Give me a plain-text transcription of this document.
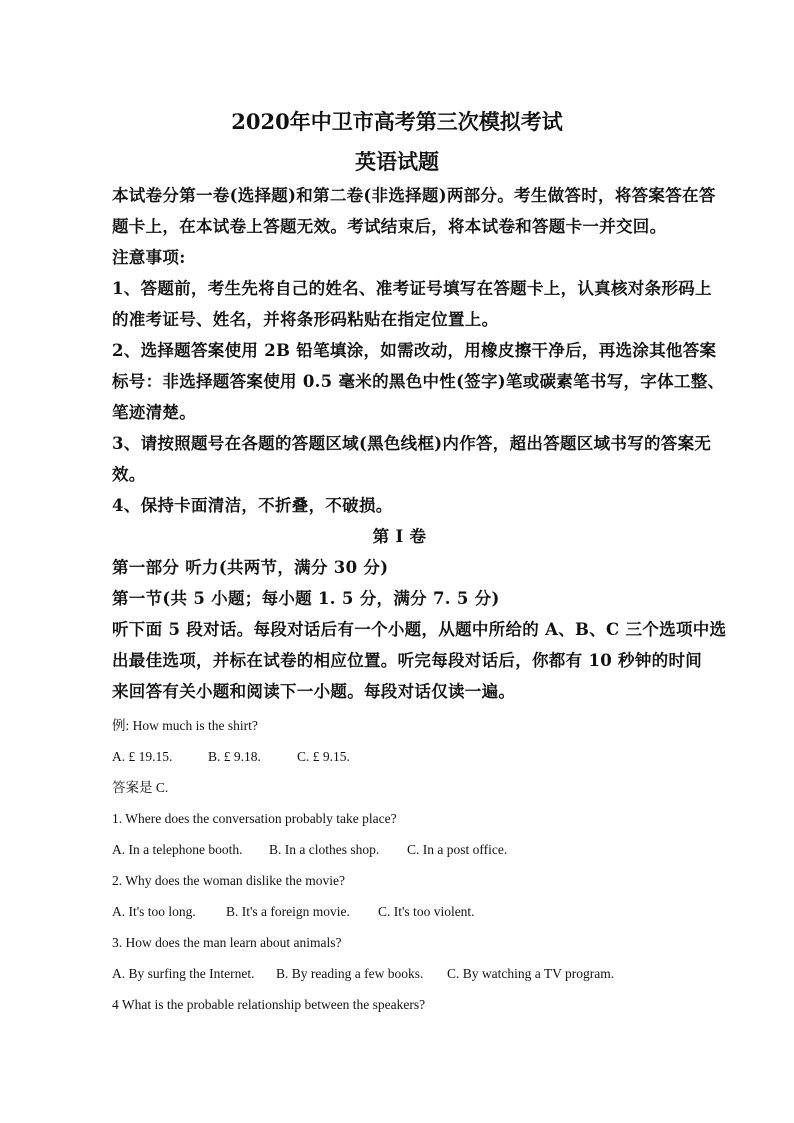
2020年中卫市高考第三次模拟考试
英语试题

本试卷分第一卷(选择题)和第二卷(非选择题)两部分。考生做答时，将答案答在答

题卡上，在本试卷上答题无效。考试结束后，将本试卷和答题卡一并交回。

注意事项:

1、答题前，考生先将自己的姓名、准考证号填写在答题卡上，认真核对条形码上

的准考证号、姓名，并将条形码粘贴在指定位置上。

2、选择题答案使用 2B 铅笔填涂，如需改动，用橡皮擦干净后，再选涂其他答案

标号：非选择题答案使用 0.5 毫米的黑色中性(签字)笔或碳素笔书写，字体工整、

笔迹清楚。

3、请按照题号在各题的答题区域(黑色线框)内作答，超出答题区域书写的答案无

效。

4、保持卡面清洁，不折叠，不破损。

第 I 卷

第一部分 听力(共两节，满分 30 分)

第一节(共 5 小题；每小题 1. 5 分，满分 7. 5 分)

听下面 5 段对话。每段对话后有一个小题，从题中所给的 A、B、C 三个选项中选

出最佳选项，并标在试卷的相应位置。听完每段对话后，你都有 10 秒钟的时间

来回答有关小题和阅读下一小题。每段对话仅读一遍。

例: How much is the shirt?

A. £ 19.15.	B. £ 9.18.	C. £ 9.15.

答案是 C.

1. Where does the conversation probably take place?

A. In a telephone booth. B. In a clothes shop. C. In a post office.

2. Why does the woman dislike the movie?

A. It's too long. B. It's a foreign movie. C. It's too violent.

3. How does the man learn about animals?

A. By surfing the Internet. B. By reading a few books. C. By watching a TV program.

4 What is the probable relationship between the speakers?
